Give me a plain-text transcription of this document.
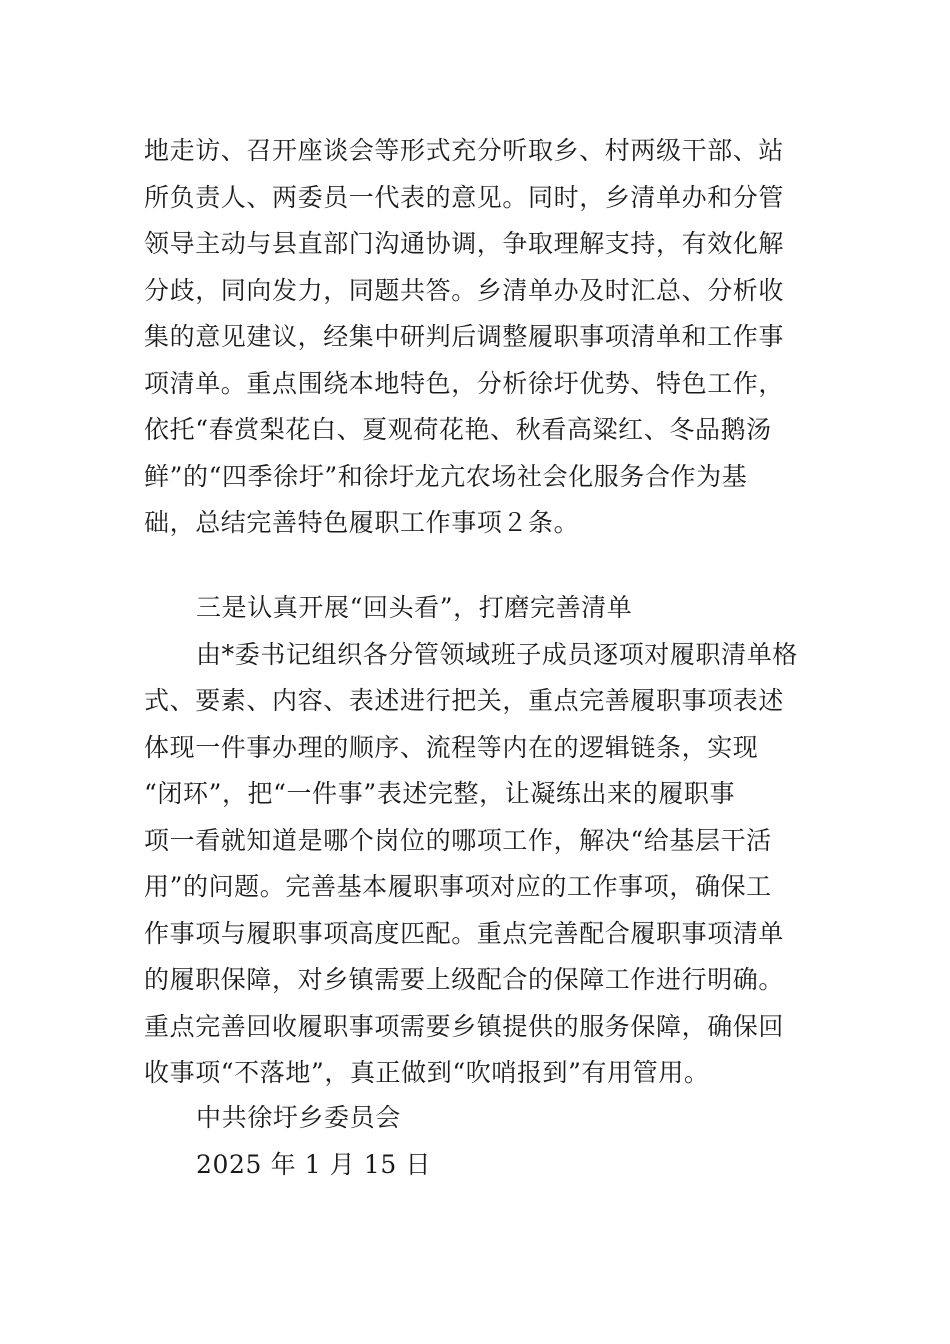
地走访、召开座谈会等形式充分听取乡、村两级干部、站
所负责人、两委员一代表的意见。同时，乡清单办和分管
领导主动与县直部门沟通协调，争取理解支持，有效化解
分歧，同向发力，同题共答。乡清单办及时汇总、分析收
集的意见建议，经集中研判后调整履职事项清单和工作事
项清单。重点围绕本地特色，分析徐圩优势、特色工作，
依托“春赏梨花白、夏观荷花艳、秋看高粱红、冬品鹅汤
鲜”的“四季徐圩”和徐圩龙亢农场社会化服务合作为基
础，总结完善特色履职工作事项２条。
三是认真开展“回头看”，打磨完善清单
由*委书记组织各分管领域班子成员逐项对履职清单格
式、要素、内容、表述进行把关，重点完善履职事项表述
体现一件事办理的顺序、流程等内在的逻辑链条，实现
“闭环”，把“一件事”表述完整，让凝练出来的履职事
项一看就知道是哪个岗位的哪项工作，解决“给基层干活
用”的问题。完善基本履职事项对应的工作事项，确保工
作事项与履职事项高度匹配。重点完善配合履职事项清单
的履职保障，对乡镇需要上级配合的保障工作进行明确。
重点完善回收履职事项需要乡镇提供的服务保障，确保回
收事项“不落地”，真正做到“吹哨报到”有用管用。
中共徐圩乡委员会
2025 年 1 月 15 日
